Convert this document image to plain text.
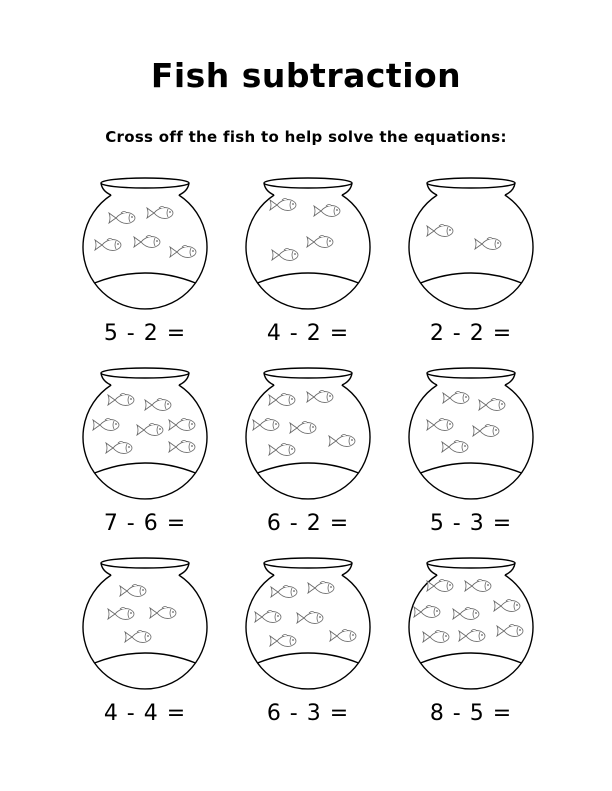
Fish subtraction
Cross off the fish to help solve the equations:
5 - 2 =	4 - 2 =	2 - 2 =
7 - 6 =	6 - 2 =	5 - 3 =
4 - 4 =	6 - 3 =	8 - 5 =
